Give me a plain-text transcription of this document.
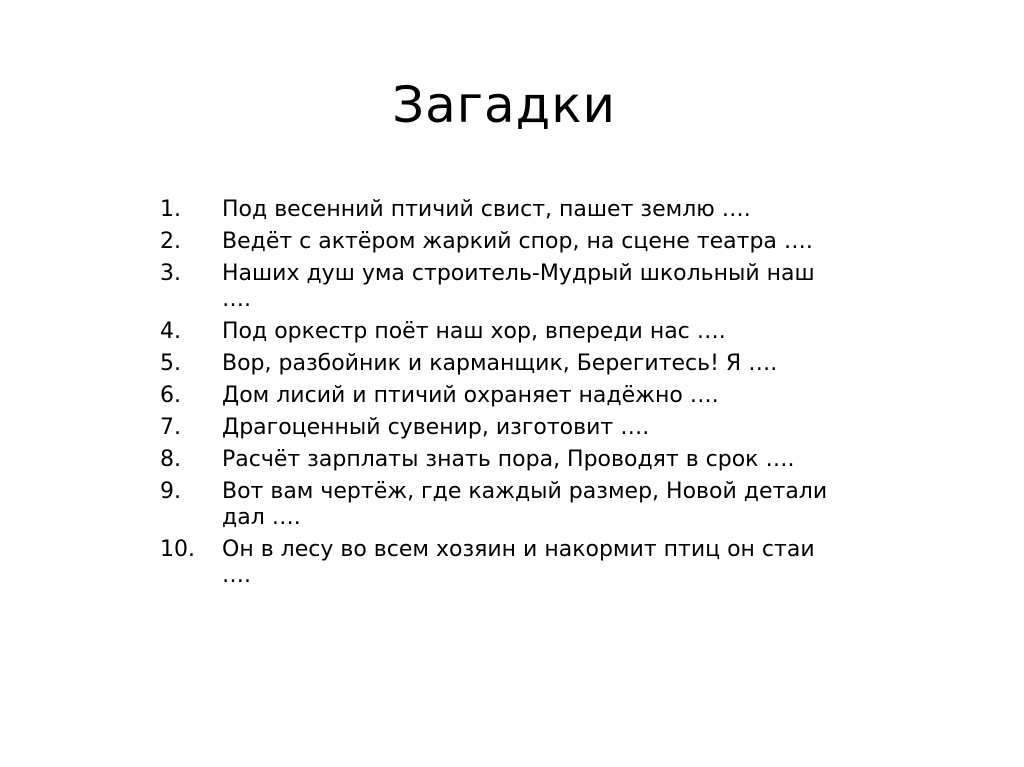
Загадки
1.	Под весенний птичий свист, пашет землю ….
2.	Ведёт с актёром жаркий спор, на сцене театра ….
3.	Наших душ ума строитель-Мудрый школьный наш ….
4.	Под оркестр поёт наш хор, впереди нас ….
5.	Вор, разбойник и карманщик, Берегитесь! Я ….
6.	Дом лисий и птичий охраняет надёжно ….
7.	Драгоценный сувенир, изготовит ….
8.	Расчёт зарплаты знать пора, Проводят в срок ….
9.	Вот вам чертёж, где каждый размер, Новой детали дал ….
10.	Он в лесу во всем хозяин и накормит птиц он стаи ….
